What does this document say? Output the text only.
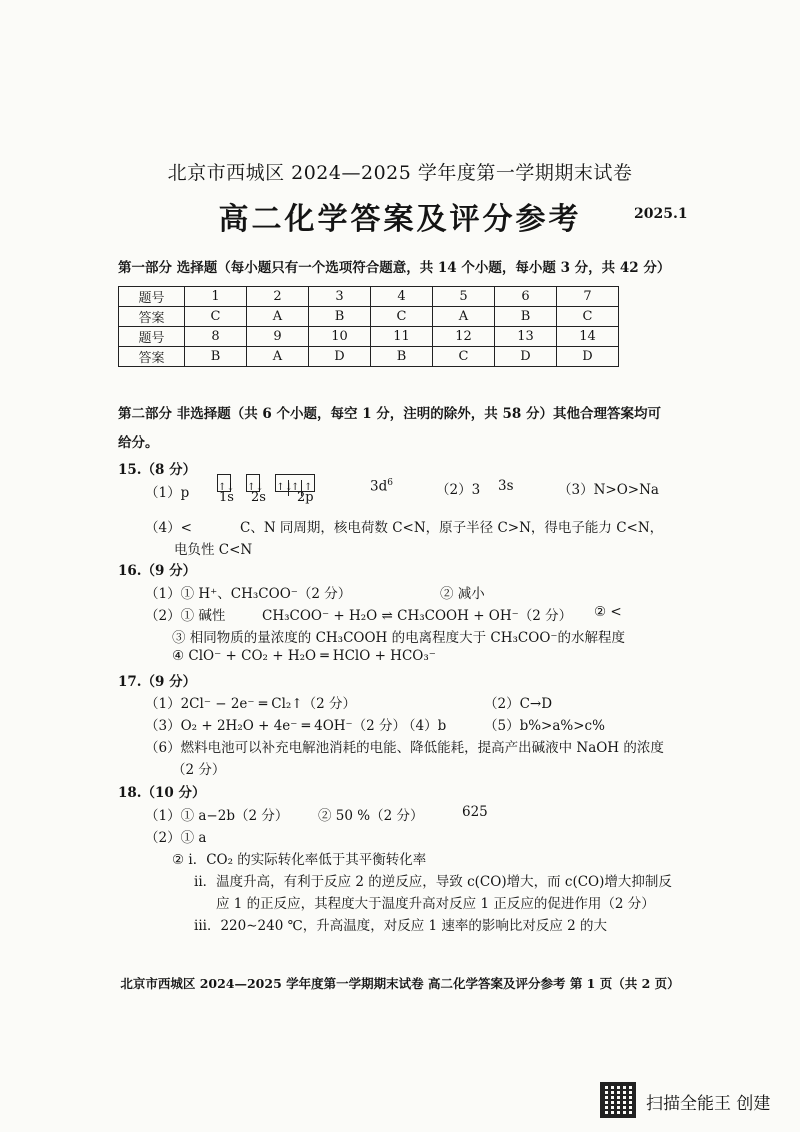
北京市西城区 2024—2025 学年度第一学期期末试卷
高二化学答案及评分参考	2025.1
第一部分 选择题（每小题只有一个选项符合题意，共 14 个小题，每小题 3 分，共 42 分）
题号	1	2	3	4	5	6	7
答案	C	A	B	C	A	B	C
题号	8	9	10	11	12	13	14
答案	B	A	D	B	C	D	D
第二部分 非选择题（共 6 个小题，每空 1 分，注明的除外，共 58 分）其他合理答案均可
给分。
15.（8 分）
（1）p	↑↓ ↑↓ ↑↓↑ ↑
1s 2s 2p
$3d^6$	（2）3 3s	（3）N>O>Na
（4）<	C、N 同周期，核电荷数 C<N，原子半径 C>N，得电子能力 C<N，
电负性 C<N
16.（9 分）
（1）① H⁺、CH₃COO⁻（2 分）	② 减小
（2）① 碱性	CH₃COO⁻ + H₂O ⇌ CH₃COOH + OH⁻（2 分） ② <
③ 相同物质的量浓度的 CH₃COOH 的电离程度大于 CH₃COO⁻的水解程度
④ ClO⁻ + CO₂ + H₂O ═ HClO + HCO₃⁻
17.（9 分）
（1）2Cl⁻ − 2e⁻ ═ Cl₂↑（2 分）	（2）C→D
（3）O₂ + 2H₂O + 4e⁻ ═ 4OH⁻（2 分）
（4）b	（5）b%>a%>c%
（6）燃料电池可以补充电解池消耗的电能、降低能耗，提高产出碱液中 NaOH 的浓度
（2 分）
18.（10 分）
（1）① a−2b（2 分） ② 50 %（2 分）	625
（2）① a
② i．CO₂ 的实际转化率低于其平衡转化率
ii．温度升高，有利于反应 2 的逆反应，导致 c(CO)增大，而 c(CO)增大抑制反
应 1 的正反应，其程度大于温度升高对反应 1 正反应的促进作用（2 分）
iii．220∼240 ℃，升高温度，对反应 1 速率的影响比对反应 2 的大
北京市西城区 2024—2025 学年度第一学期期末试卷 高二化学答案及评分参考 第 1 页（共 2 页）
扫描全能王 创建
